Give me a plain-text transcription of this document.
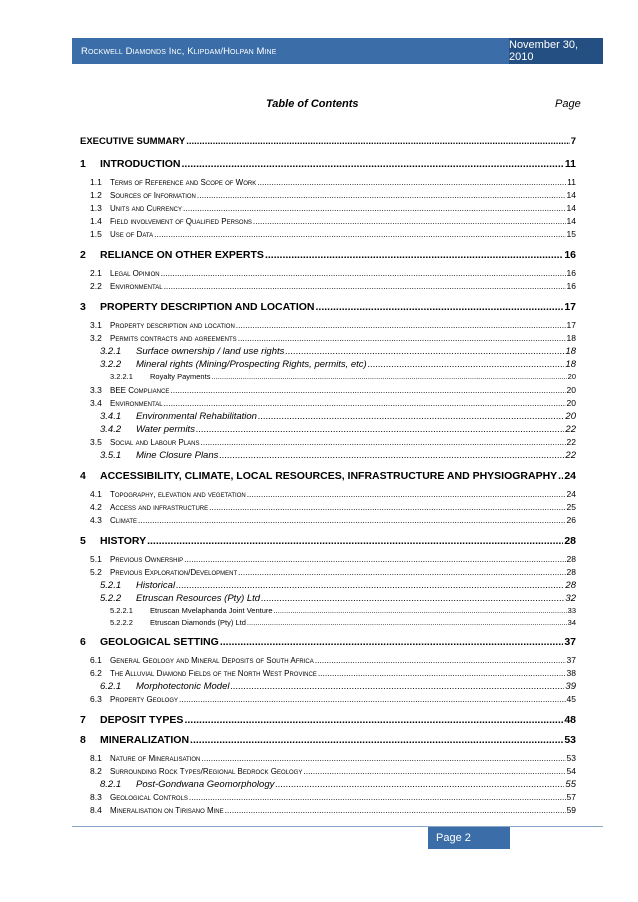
Rockwell Diamonds Inc, Klipdam/Holpan Mine	November 30, 2010
Table of Contents	Page
EXECUTIVE SUMMARY .....	7
1	INTRODUCTION .....	11
1.1	Terms of Reference and Scope of Work .....	11
1.2	Sources of Information .....	14
1.3	Units and Currency .....	14
1.4	Field involvement of Qualified Persons .....	14
1.5	Use of Data .....	15
2	RELIANCE ON OTHER EXPERTS .....	16
2.1	Legal Opinion .....	16
2.2	Environmental .....	16
3	PROPERTY DESCRIPTION AND LOCATION .....	17
3.1	Property description and location .....	17
3.2	Permits contracts and agreements .....	18
3.2.1	Surface ownership / land use rights .....	18
3.2.2	Mineral rights (Mining/Prospecting Rights, permits, etc) .....	18
3.2.2.1	Royalty Payments .....	20
3.3	BEE Compliance .....	20
3.4	Environmental .....	20
3.4.1	Environmental Rehabilitation .....	20
3.4.2	Water permits .....	22
3.5	Social and Labour Plans .....	22
3.5.1	Mine Closure Plans .....	22
4	ACCESSIBILITY, CLIMATE, LOCAL RESOURCES, INFRASTRUCTURE AND PHYSIOGRAPHY ..... 24
4.1	Topography, elevation and vegetation .....	24
4.2	Access and infrastructure .....	25
4.3	Climate .....	26
5	HISTORY .....	28
5.1	Previous Ownership .....	28
5.2	Previous Exploration/Development .....	28
5.2.1	Historical .....	28
5.2.2	Etruscan Resources (Pty) Ltd .....	32
5.2.2.1	Etruscan Mvelaphanda Joint Venture .....	33
5.2.2.2	Etruscan Diamonds (Pty) Ltd .....	34
6	GEOLOGICAL SETTING .....	37
6.1	General Geology and Mineral Deposits of South Africa .....	37
6.2	The Alluvial Diamond Fields of the North West Province .....	38
6.2.1	Morphotectonic Model .....	39
6.3	Property Geology .....	45
7	DEPOSIT TYPES .....	48
8	MINERALIZATION .....	53
8.1	Nature of Mineralisation .....	53
8.2	Surrounding Rock Types/Regional Bedrock Geology .....	54
8.2.1	Post-Gondwana Geomorphology .....	55
8.3	Geological Controls .....	57
8.4	Mineralisation on Tirisano Mine .....	59
Page 2
